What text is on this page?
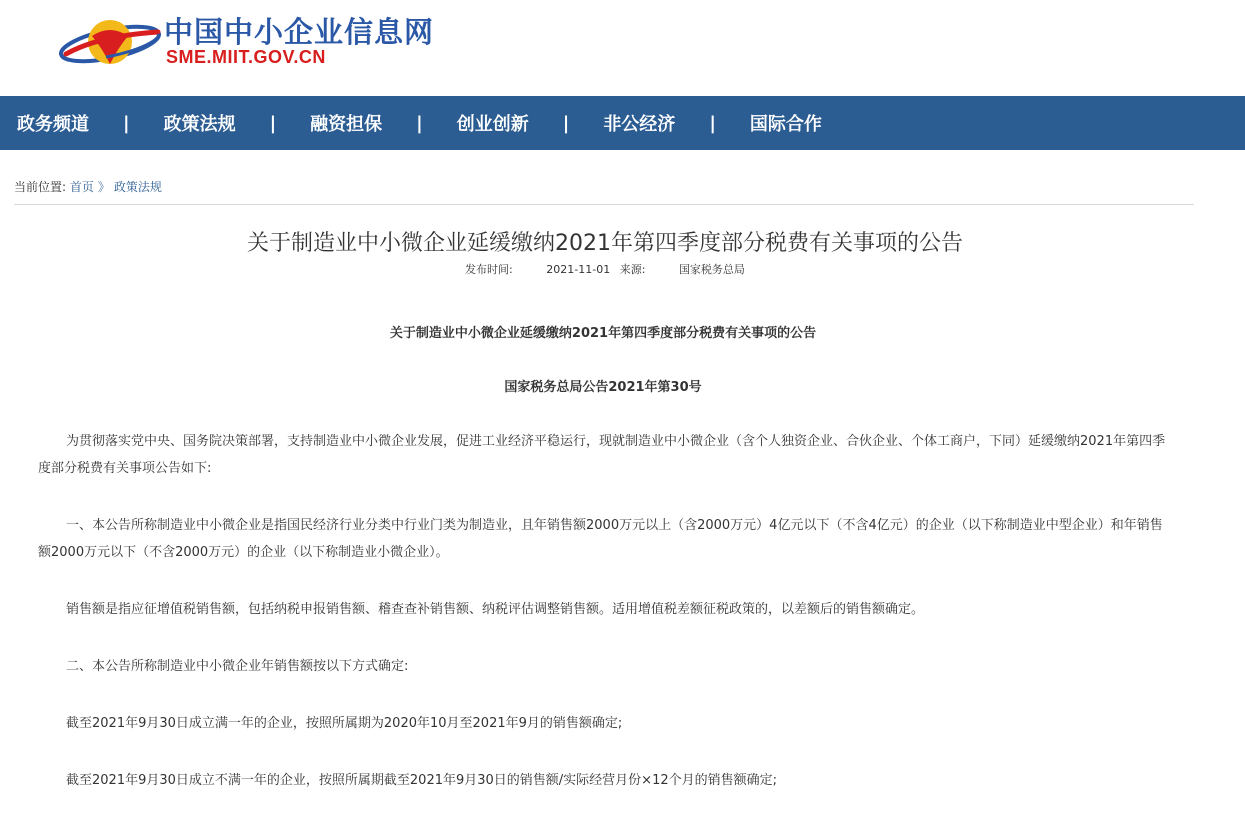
中国中小企业信息网
SME.MIIT.GOV.CN
政务频道 | 政策法规 | 融资担保 | 创业创新 | 非公经济 | 国际合作
当前位置: 首页 》 政策法规
关于制造业中小微企业延缓缴纳2021年第四季度部分税费有关事项的公告
发布时间:	2021-11-01 来源:	国家税务总局

关于制造业中小微企业延缓缴纳2021年第四季度部分税费有关事项的公告

国家税务总局公告2021年第30号

为贯彻落实党中央、国务院决策部署，支持制造业中小微企业发展，促进工业经济平稳运行，现就制造业中小微企业（含个人独资企业、合伙企业、个体工商户，下同）延缓缴纳2021年第四季度部分税费有关事项公告如下:

一、本公告所称制造业中小微企业是指国民经济行业分类中行业门类为制造业，且年销售额2000万元以上（含2000万元）4亿元以下（不含4亿元）的企业（以下称制造业中型企业）和年销售额2000万元以下（不含2000万元）的企业（以下称制造业小微企业）。

销售额是指应征增值税销售额，包括纳税申报销售额、稽查查补销售额、纳税评估调整销售额。适用增值税差额征税政策的，以差额后的销售额确定。

二、本公告所称制造业中小微企业年销售额按以下方式确定:

截至2021年9月30日成立满一年的企业，按照所属期为2020年10月至2021年9月的销售额确定;

截至2021年9月30日成立不满一年的企业，按照所属期截至2021年9月30日的销售额/实际经营月份×12个月的销售额确定;
